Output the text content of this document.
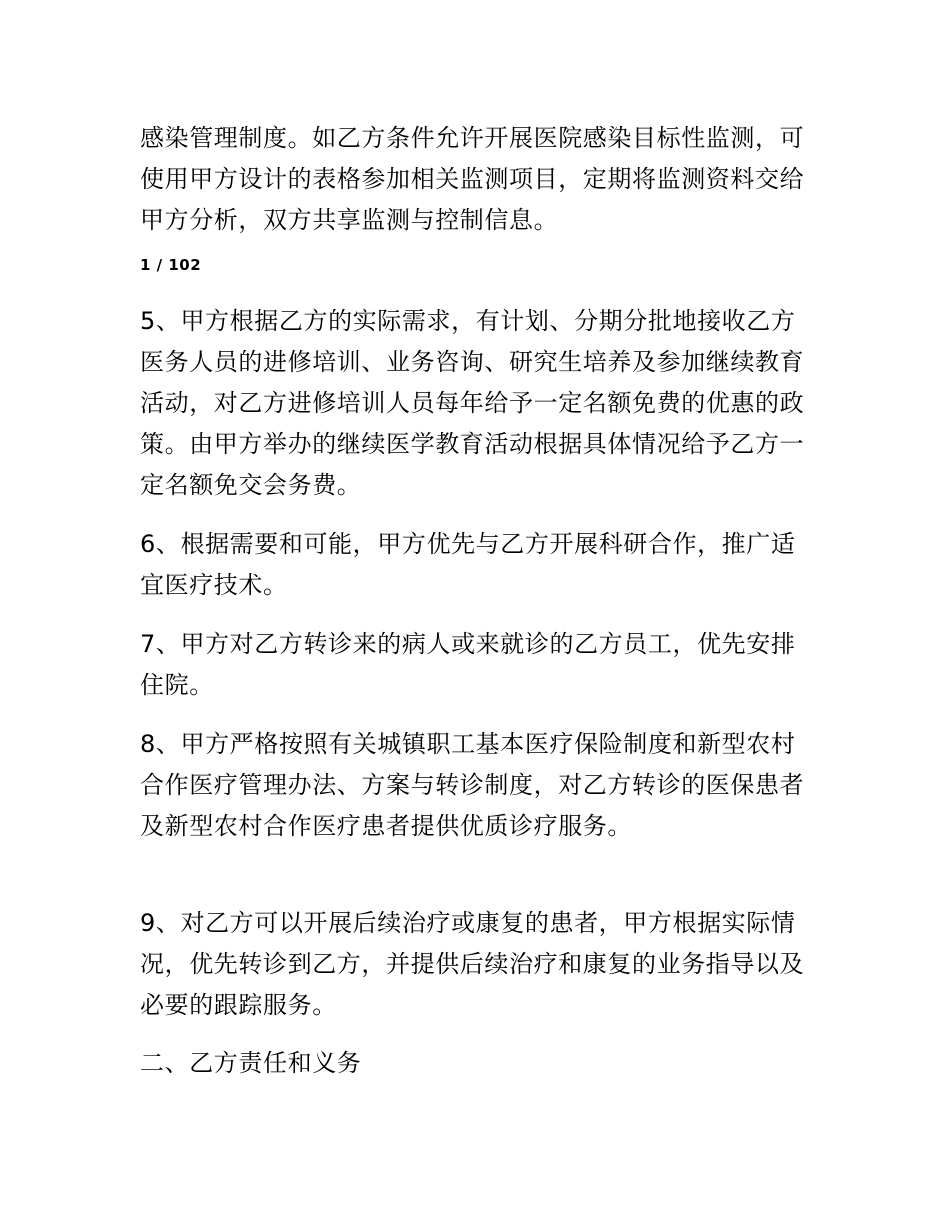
感染管理制度。如乙方条件允许开展医院感染目标性监测，可使用甲方设计的表格参加相关监测项目，定期将监测资料交给甲方分析，双方共享监测与控制信息。

1 / 102

5、甲方根据乙方的实际需求，有计划、分期分批地接收乙方医务人员的进修培训、业务咨询、研究生培养及参加继续教育活动，对乙方进修培训人员每年给予一定名额免费的优惠的政策。由甲方举办的继续医学教育活动根据具体情况给予乙方一定名额免交会务费。

6、根据需要和可能，甲方优先与乙方开展科研合作，推广适宜医疗技术。

7、甲方对乙方转诊来的病人或来就诊的乙方员工，优先安排住院。

8、甲方严格按照有关城镇职工基本医疗保险制度和新型农村合作医疗管理办法、方案与转诊制度，对乙方转诊的医保患者及新型农村合作医疗患者提供优质诊疗服务。

9、对乙方可以开展后续治疗或康复的患者，甲方根据实际情况，优先转诊到乙方，并提供后续治疗和康复的业务指导以及必要的跟踪服务。

二、乙方责任和义务
